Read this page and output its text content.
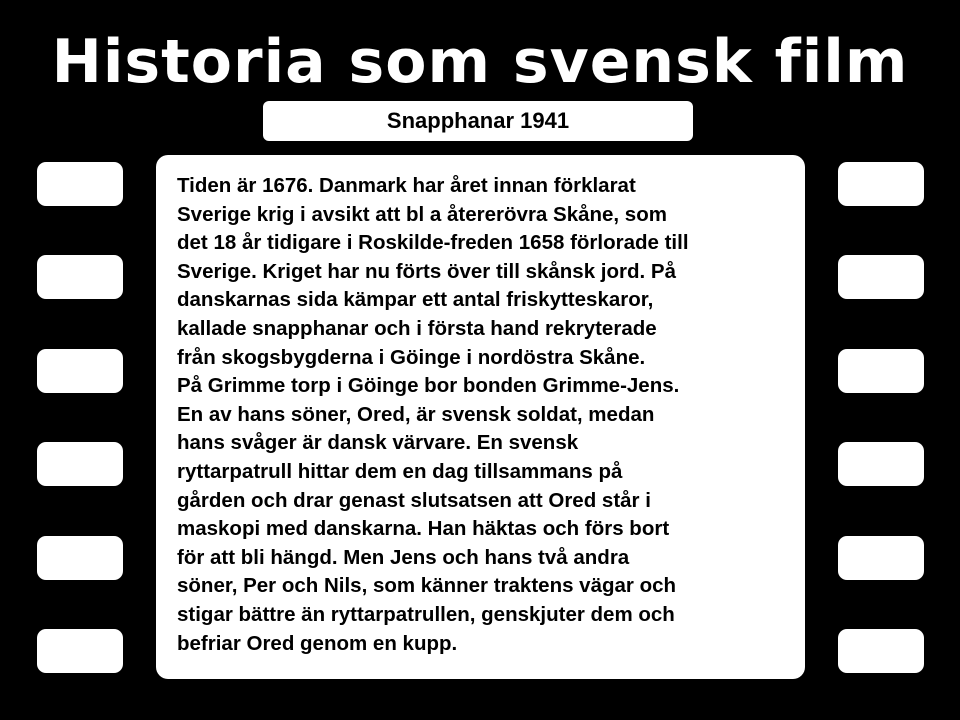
Historia som svensk film
Snapphanar 1941

Tiden är 1676. Danmark har året innan förklarat
Sverige krig i avsikt att bl a återerövra Skåne, som
det 18 år tidigare i Roskilde-freden 1658 förlorade till
Sverige. Kriget har nu förts över till skånsk jord. På
danskarnas sida kämpar ett antal friskytteskaror,
kallade snapphanar och i första hand rekryterade
från skogsbygderna i Göinge i nordöstra Skåne.
På Grimme torp i Göinge bor bonden Grimme-Jens.
En av hans söner, Ored, är svensk soldat, medan
hans svåger är dansk värvare. En svensk
ryttarpatrull hittar dem en dag tillsammans på
gården och drar genast slutsatsen att Ored står i
maskopi med danskarna. Han häktas och förs bort
för att bli hängd. Men Jens och hans två andra
söner, Per och Nils, som känner traktens vägar och
stigar bättre än ryttarpatrullen, genskjuter dem och
befriar Ored genom en kupp.
